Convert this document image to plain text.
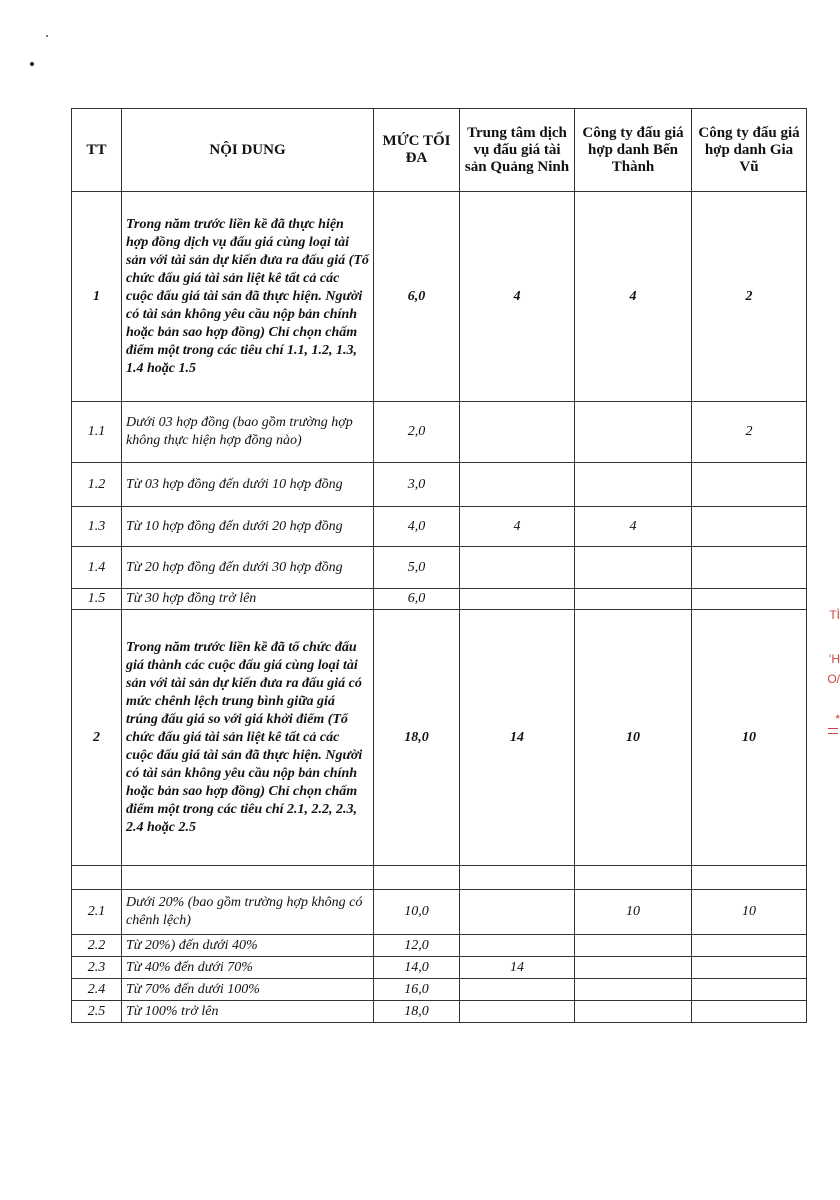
TT	NỘI DUNG	MỨC TỐI ĐA	Trung tâm dịch vụ đấu giá tài sản Quảng Ninh	Công ty đấu giá hợp danh Bến Thành	Công ty đấu giá hợp danh Gia Vũ
1	Trong năm trước liền kề đã thực hiện hợp đồng dịch vụ đấu giá cùng loại tài sản với tài sản dự kiến đưa ra đấu giá (Tổ chức đấu giá tài sản liệt kê tất cả các cuộc đấu giá tài sản đã thực hiện. Người có tài sản không yêu cầu nộp bản chính hoặc bản sao hợp đồng) Chỉ chọn chấm điểm một trong các tiêu chí 1.1, 1.2, 1.3, 1.4 hoặc 1.5	6,0	4	4	2
1.1	Dưới 03 hợp đồng (bao gồm trường hợp không thực hiện hợp đồng nào)	2,0			2
1.2	Từ 03 hợp đồng đến dưới 10 hợp đồng	3,0			
1.3	Từ 10 hợp đồng đến dưới 20 hợp đồng	4,0	4	4	
1.4	Từ 20 hợp đồng đến dưới 30 hợp đồng	5,0			
1.5	Từ 30 hợp đồng trở lên	6,0			
2	Trong năm trước liền kề đã tổ chức đấu giá thành các cuộc đấu giá cùng loại tài sản với tài sản dự kiến đưa ra đấu giá có mức chênh lệch trung bình giữa giá trúng đấu giá so với giá khởi điểm (Tổ chức đấu giá tài sản liệt kê tất cả các cuộc đấu giá tài sản đã thực hiện. Người có tài sản không yêu cầu nộp bản chính hoặc bản sao hợp đồng) Chỉ chọn chấm điểm một trong các tiêu chí 2.1, 2.2, 2.3, 2.4 hoặc 2.5	18,0	14	10	10

2.1	Dưới 20% (bao gồm trường hợp không có chênh lệch)	10,0		10	10
2.2	Từ 20%) đến dưới 40%	12,0			
2.3	Từ 40% đến dưới 70%	14,0	14		
2.4	Từ 70% đến dưới 100%	16,0			
2.5	Từ 100% trở lên	18,0			
TÌ
'H
O/
*
